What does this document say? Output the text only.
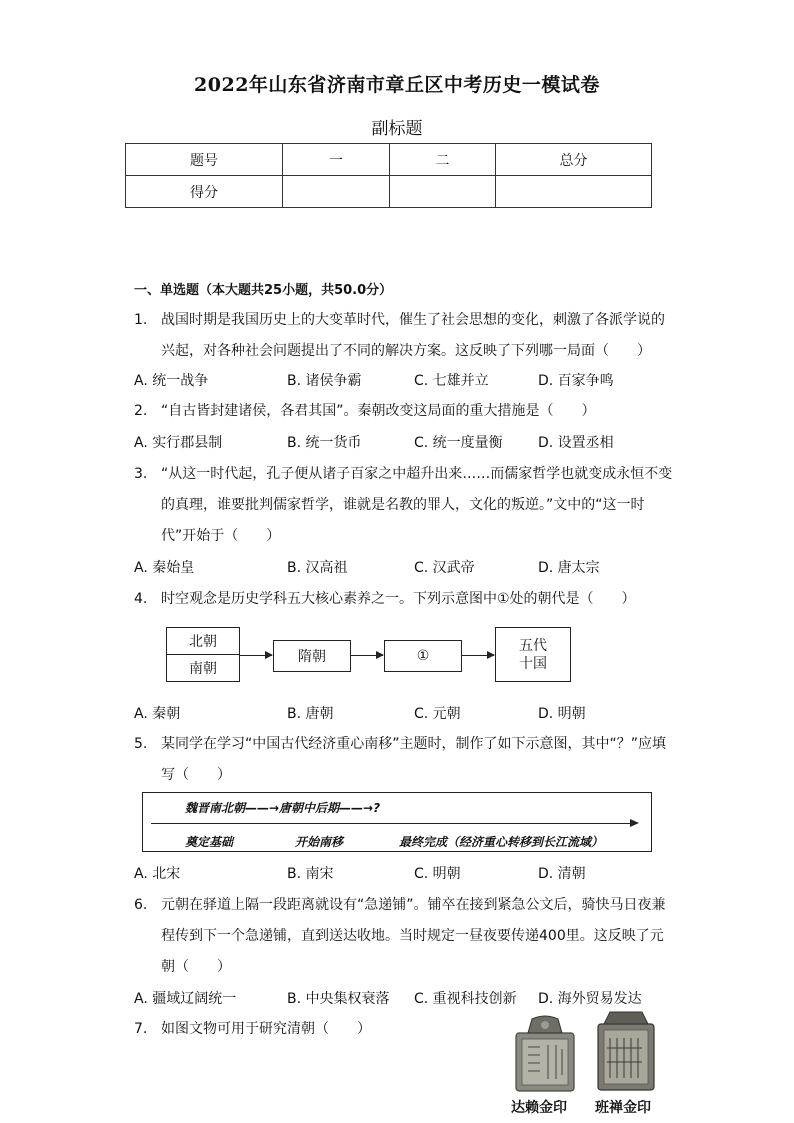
2022年山东省济南市章丘区中考历史一模试卷
副标题
题号	一	二	总分
得分			
一、单选题（本大题共25小题，共50.0分）
1. 战国时期是我国历史上的大变革时代，催生了社会思想的变化，刺激了各派学说的兴起，对各种社会问题提出了不同的解决方案。这反映了下列哪一局面（　　）
A. 统一战争	B. 诸侯争霸	C. 七雄并立	D. 百家争鸣
2. “自古皆封建诸侯，各君其国”。秦朝改变这局面的重大措施是（　　）
A. 实行郡县制	B. 统一货币	C. 统一度量衡	D. 设置丞相
3. “从这一时代起，孔子便从诸子百家之中超升出来……而儒家哲学也就变成永恒不变的真理，谁要批判儒家哲学，谁就是名教的罪人，文化的叛逆。”文中的“这一时代”开始于（　　）
A. 秦始皇	B. 汉高祖	C. 汉武帝	D. 唐太宗
4. 时空观念是历史学科五大核心素养之一。下列示意图中①处的朝代是（　　）
北朝
南朝
隋朝	①
五代
十国
A. 秦朝	B. 唐朝	C. 元朝	D. 明朝
5. 某同学在学习“中国古代经济重心南移”主题时，制作了如下示意图，其中“？”应填写（　　）
魏晋南北朝——→唐朝中后期——→?
奠定基础	开始南移	最终完成（经济重心转移到长江流域）
A. 北宋	B. 南宋	C. 明朝	D. 清朝
6. 元朝在驿道上隔一段距离就设有“急递铺”。铺卒在接到紧急公文后，骑快马日夜兼程传到下一个急递铺，直到送达收地。当时规定一昼夜要传递400里。这反映了元朝（　　）
A. 疆域辽阔统一	B. 中央集权衰落 C. 重视科技创新 D. 海外贸易发达
7. 如图文物可用于研究清朝（　　）
达赖金印 班禅金印
